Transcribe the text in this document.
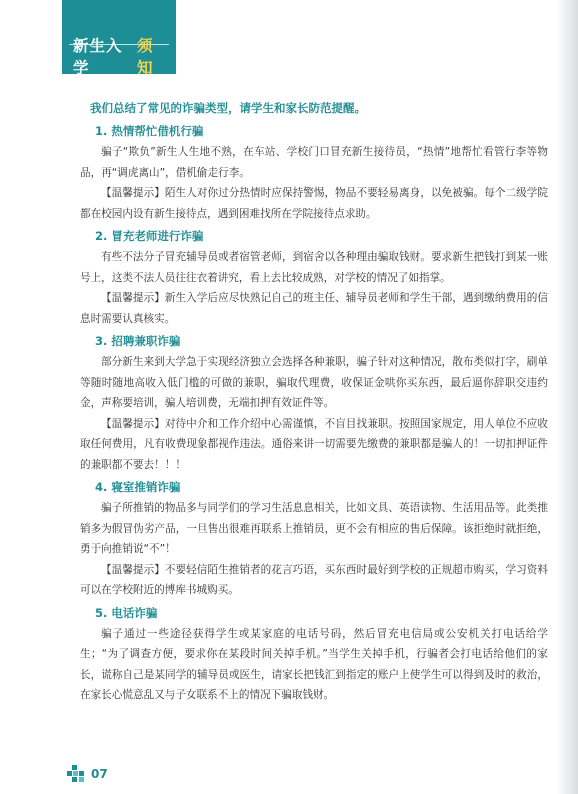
新生入学
须知

我们总结了常见的诈骗类型，请学生和家长防范提醒。

1. 热情帮忙借机行骗

骗子“欺负”新生人生地不熟，在车站、学校门口冒充新生接待员，“热情”地帮忙看管行李等物品，再“调虎离山”，借机偷走行李。

【温馨提示】陌生人对你过分热情时应保持警惕，物品不要轻易离身，以免被骗。每个二级学院都在校园内设有新生接待点，遇到困难找所在学院接待点求助。

2. 冒充老师进行诈骗

有些不法分子冒充辅导员或者宿管老师，到宿舍以各种理由骗取钱财。要求新生把钱打到某一账号上，这类不法人员往往衣着讲究，看上去比较成熟，对学校的情况了如指掌。

【温馨提示】新生入学后应尽快熟记自己的班主任、辅导员老师和学生干部，遇到缴纳费用的信息时需要认真核实。

3. 招聘兼职诈骗

部分新生来到大学急于实现经济独立会选择各种兼职，骗子针对这种情况，散布类似打字，刷单等随时随地高收入低门槛的可做的兼职，骗取代理费，收保证金哄你买东西，最后逼你辞职交违约金，声称要培训，骗人培训费，无端扣押有效证件等。

【温馨提示】对待中介和工作介绍中心需谨慎，不盲目找兼职。按照国家规定，用人单位不应收取任何费用，凡有收费现象都视作违法。通俗来讲一切需要先缴费的兼职都是骗人的！一切扣押证件的兼职都不要去！！！

4. 寝室推销诈骗

骗子所推销的物品多与同学们的学习生活息息相关，比如文具、英语读物、生活用品等。此类推销多为假冒伪劣产品，一旦售出很难再联系上推销员，更不会有相应的售后保障。该拒绝时就拒绝，勇于向推销说“不”！

【温馨提示】不要轻信陌生推销者的花言巧语，买东西时最好到学校的正规超市购买，学习资料可以在学校附近的博库书城购买。

5. 电话诈骗

骗子通过一些途径获得学生或某家庭的电话号码，然后冒充电信局或公安机关打电话给学生；“为了调查方便，要求你在某段时间关掉手机。”当学生关掉手机，行骗者会打电话给他们的家长，谎称自己是某同学的辅导员或医生，请家长把钱汇到指定的账户上使学生可以得到及时的救治，在家长心慌意乱又与子女联系不上的情况下骗取钱财。

07
